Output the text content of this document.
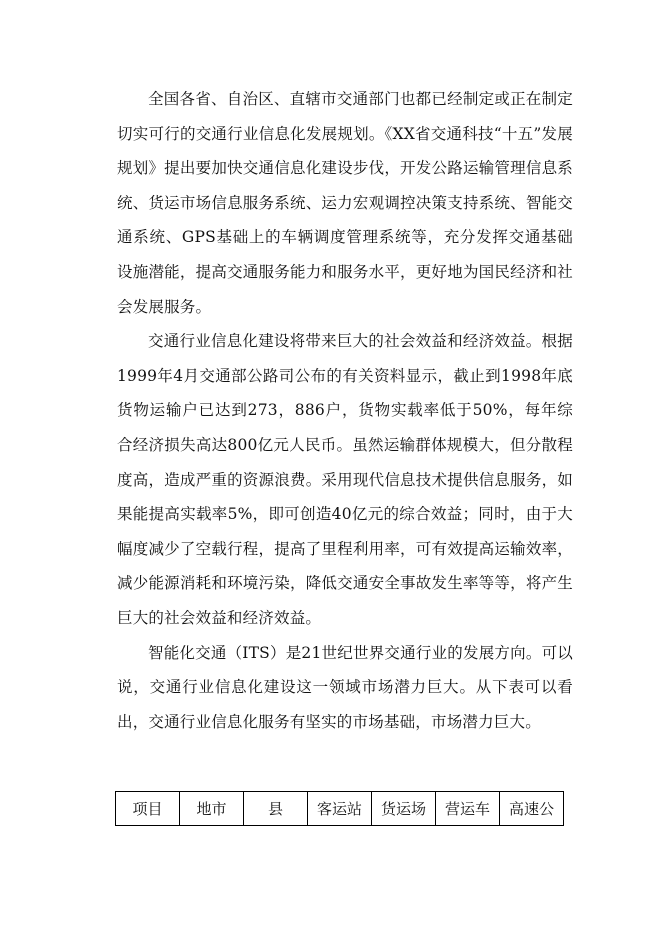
全国各省、自治区、直辖市交通部门也都已经制定或正在制定切实可行的交通行业信息化发展规划。《XX省交通科技“十五”发展规划》提出要加快交通信息化建设步伐，开发公路运输管理信息系统、货运市场信息服务系统、运力宏观调控决策支持系统、智能交通系统、GPS基础上的车辆调度管理系统等，充分发挥交通基础设施潜能，提高交通服务能力和服务水平，更好地为国民经济和社会发展服务。

交通行业信息化建设将带来巨大的社会效益和经济效益。根据1999年4月交通部公路司公布的有关资料显示，截止到1998年底货物运输户已达到273，886户，货物实载率低于50%，每年综合经济损失高达800亿元人民币。虽然运输群体规模大，但分散程度高，造成严重的资源浪费。采用现代信息技术提供信息服务，如果能提高实载率5%，即可创造40亿元的综合效益；同时，由于大幅度减少了空载行程，提高了里程利用率，可有效提高运输效率，减少能源消耗和环境污染，降低交通安全事故发生率等等，将产生巨大的社会效益和经济效益。

智能化交通（ITS）是21世纪世界交通行业的发展方向。可以说，交通行业信息化建设这一领域市场潜力巨大。从下表可以看出，交通行业信息化服务有坚实的市场基础，市场潜力巨大。

项目	地市	县	客运站	货运场	营运车	高速公
